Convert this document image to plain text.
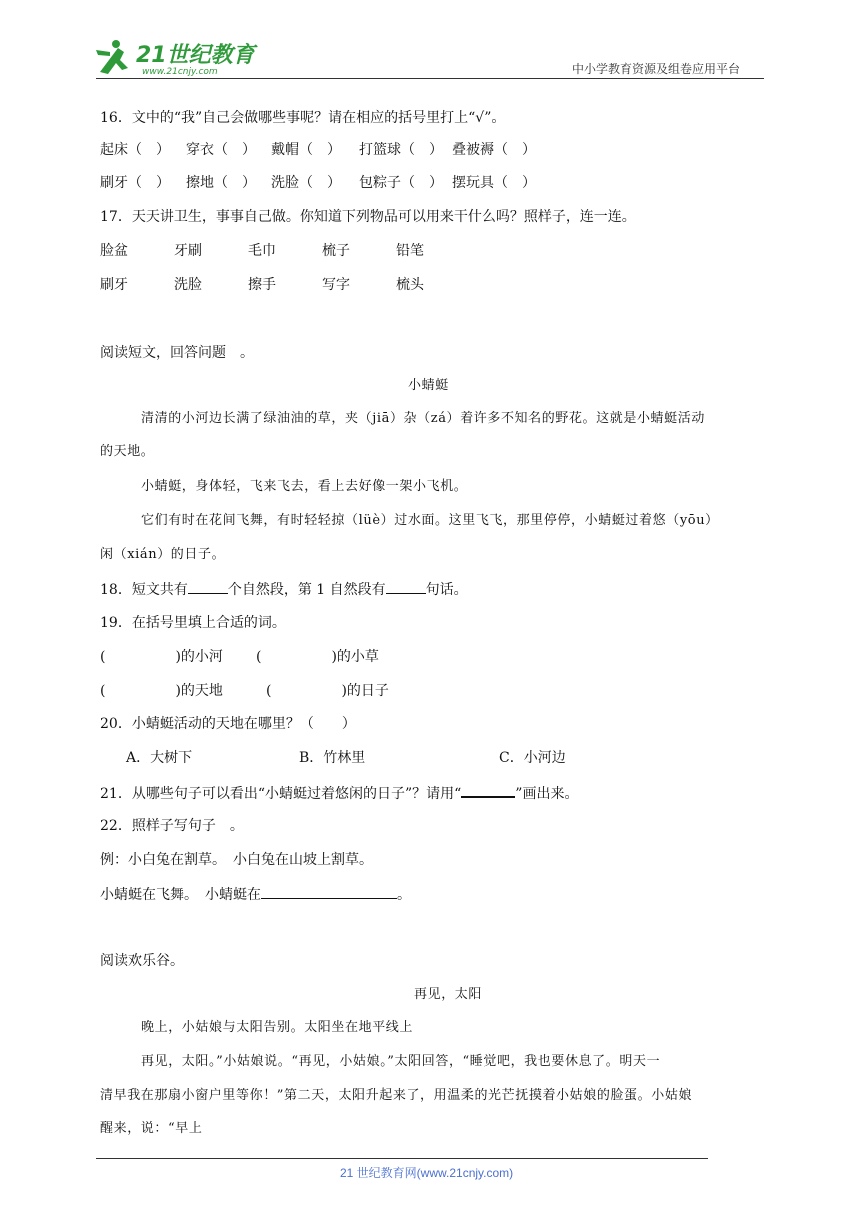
21世纪教育
www.21cnjy.com	中小学教育资源及组卷应用平台
16．文中的“我”自己会做哪些事呢？请在相应的括号里打上“√”。
起床（　）	穿衣（　）	戴帽（　）	打篮球（　） 叠被褥（　）
刷牙（　）	擦地（　）	洗脸（　）	包粽子（　） 摆玩具（　）
17．天天讲卫生，事事自己做。你知道下列物品可以用来干什么吗？照样子，连一连。
脸盆	牙刷	毛巾	梳子	铅笔
刷牙	洗脸	擦手	写字	梳头
阅读短文，回答问题　。
小蜻蜓
清清的小河边长满了绿油油的草，夹（jiā）杂（zá）着许多不知名的野花。这就是小蜻蜓活动
的天地。
小蜻蜓，身体轻，飞来飞去，看上去好像一架小飞机。
它们有时在花间飞舞，有时轻轻掠（lüè）过水面。这里飞飞，那里停停，小蜻蜓过着悠（yōu）
闲（xián）的日子。
18．短文共有	个自然段，第 1 自然段有	句话。
19．在括号里填上合适的词。
(　　　　　)的小河 (　　　　　)的小草
(　　　　　)的天地	(　　　　　)的日子
20．小蜻蜓活动的天地在哪里？（　　）
A．大树下	B．竹林里	C．小河边
21．从哪些句子可以看出“小蜻蜓过着悠闲的日子”？请用“	”画出来。
22．照样子写句子　。
例：小白兔在割草。　小白兔在山坡上割草。
小蜻蜓在飞舞。　小蜻蜓在	。
阅读欢乐谷。
再见，太阳
晚上，小姑娘与太阳告别。太阳坐在地平线上
再见，太阳。”小姑娘说。“再见，小姑娘。”太阳回答，“睡觉吧，我也要休息了。明天一
清早我在那扇小窗户里等你！”第二天，太阳升起来了，用温柔的光芒抚摸着小姑娘的脸蛋。小姑娘
醒来，说：“早上
21 世纪教育网(www.21cnjy.com)
